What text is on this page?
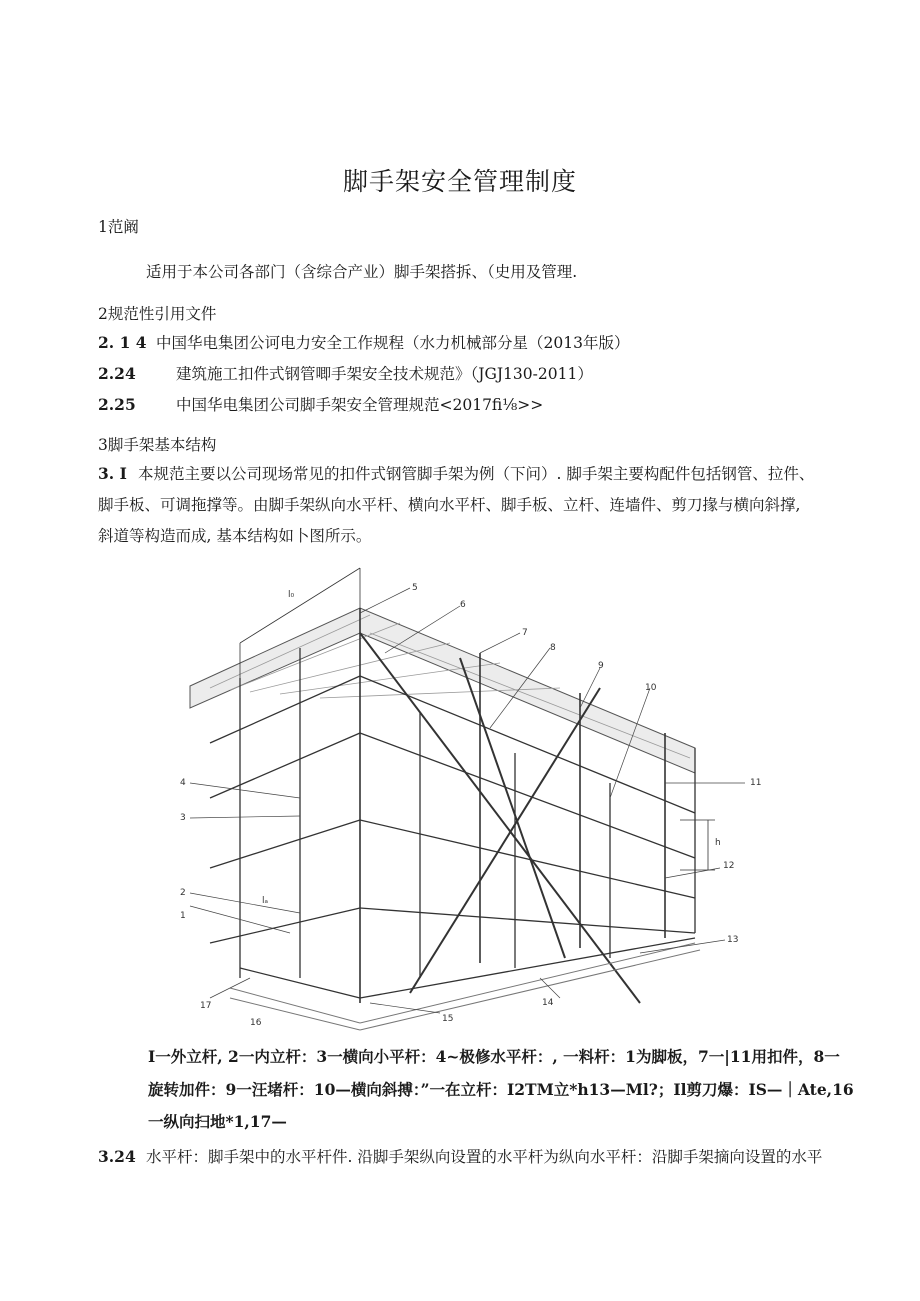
脚手架安全管理制度
1范阚
适用于本公司各部门（含综合产业）脚手架搭拆、（史用及管理.
2规范性引用文件
2. 1 4 中国华电集团公诃电力安全工作规程（水力机械部分星（2013年版）
2.24	建筑施工扣件式钢管唧手架安全技术规范》（JGJ130-2011）
2.25	中国华电集团公司脚手架安全管理规范<2017fi⅛>>
3脚手架基本结构
3. I 本规范主要以公司现场常见的扣件式钢管脚手架为例（下问）. 脚手架主要构配件包括钢管、拉件、
脚手板、可调拖撑等。由脚手架纵向水平杆、横向水平杆、脚手板、立杆、连墙件、剪刀掾与横向斜撑,
斜道等构造而成, 基本结构如卜图所示。
1
2
3
4
5
6
7
8
9
10
11
12
13
14
15
16
17
l₀
lₐ
h
I一外立杆, 2一内立杆：3一横向小平杆：4~极修水平杆：, 一料杆：1为脚板，7一|11用扣件，8一
旋转加件：9一汪堵杆：10—横向斜搏：”一在立杆：I2TM立*h13—Ml?；Il剪刀爆：IS—｜Ate,16
一纵向扫地*1,17—
3.24 水平杆：脚手架中的水平杆件. 沿脚手架纵向设置的水平杆为纵向水平杆：沿脚手架摘向设置的水平
